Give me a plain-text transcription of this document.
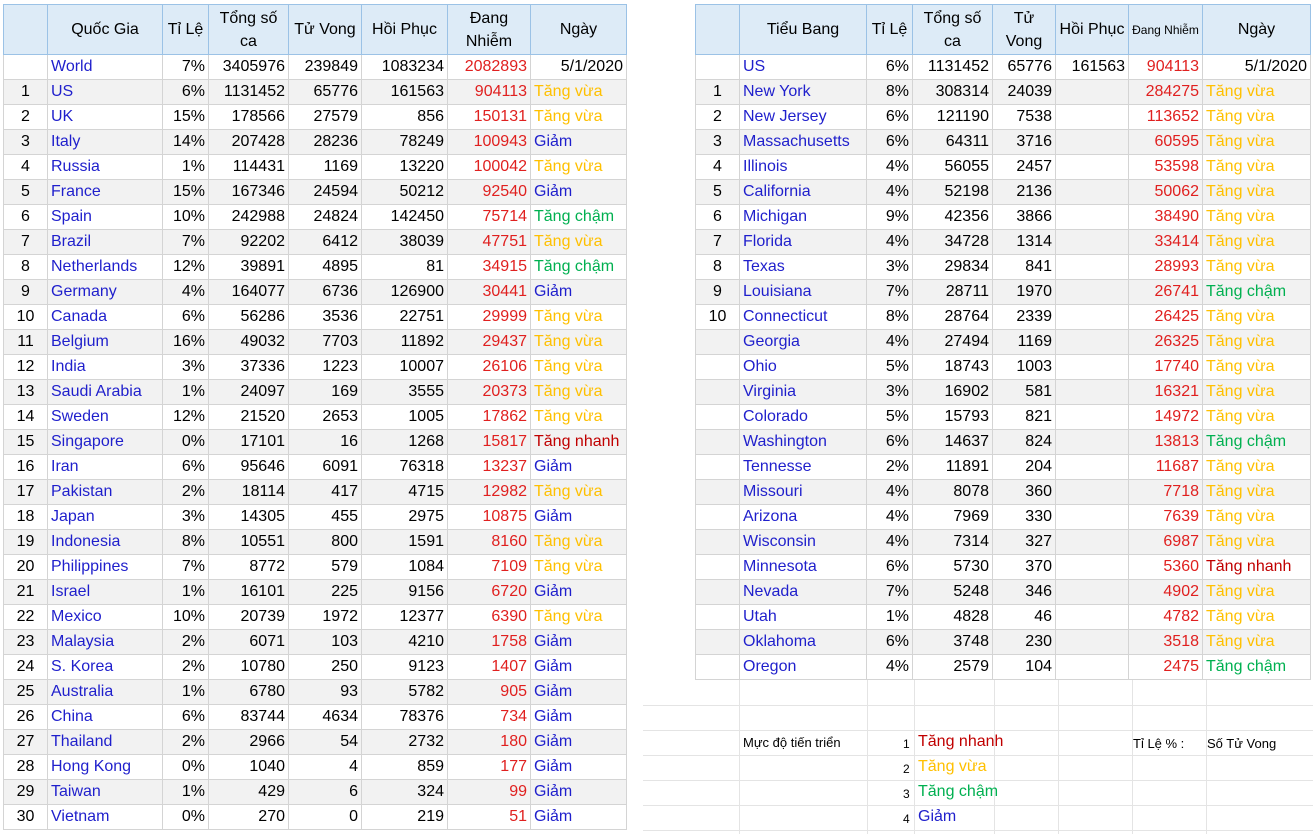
	Quốc Gia	Tỉ Lệ	Tổng số ca	Tử Vong	Hồi Phục	Đang Nhiễm	Ngày
	World	7%	3405976	239849	1083234	2082893	5/1/2020
1	US	6%	1131452	65776	161563	904113	Tăng vừa
2	UK	15%	178566	27579	856	150131	Tăng vừa
3	Italy	14%	207428	28236	78249	100943	Giảm
4	Russia	1%	114431	1169	13220	100042	Tăng vừa
5	France	15%	167346	24594	50212	92540	Giảm
6	Spain	10%	242988	24824	142450	75714	Tăng chậm
7	Brazil	7%	92202	6412	38039	47751	Tăng vừa
8	Netherlands	12%	39891	4895	81	34915	Tăng chậm
9	Germany	4%	164077	6736	126900	30441	Giảm
10	Canada	6%	56286	3536	22751	29999	Tăng vừa
11	Belgium	16%	49032	7703	11892	29437	Tăng vừa
12	India	3%	37336	1223	10007	26106	Tăng vừa
13	Saudi Arabia	1%	24097	169	3555	20373	Tăng vừa
14	Sweden	12%	21520	2653	1005	17862	Tăng vừa
15	Singapore	0%	17101	16	1268	15817	Tăng nhanh
16	Iran	6%	95646	6091	76318	13237	Giảm
17	Pakistan	2%	18114	417	4715	12982	Tăng vừa
18	Japan	3%	14305	455	2975	10875	Giảm
19	Indonesia	8%	10551	800	1591	8160	Tăng vừa
20	Philippines	7%	8772	579	1084	7109	Tăng vừa
21	Israel	1%	16101	225	9156	6720	Giảm
22	Mexico	10%	20739	1972	12377	6390	Tăng vừa
23	Malaysia	2%	6071	103	4210	1758	Giảm
24	S. Korea	2%	10780	250	9123	1407	Giảm
25	Australia	1%	6780	93	5782	905	Giảm
26	China	6%	83744	4634	78376	734	Giảm
27	Thailand	2%	2966	54	2732	180	Giảm
28	Hong Kong	0%	1040	4	859	177	Giảm
29	Taiwan	1%	429	6	324	99	Giảm
30	Vietnam	0%	270	0	219	51	Giảm
	Tiểu Bang	Tỉ Lệ	Tổng số ca	Tử Vong	Hồi Phục	Đang Nhiễm	Ngày
	US	6%	1131452	65776	161563	904113	5/1/2020
1	New York	8%	308314	24039		284275	Tăng vừa
2	New Jersey	6%	121190	7538		113652	Tăng vừa
3	Massachusetts	6%	64311	3716		60595	Tăng vừa
4	Illinois	4%	56055	2457		53598	Tăng vừa
5	California	4%	52198	2136		50062	Tăng vừa
6	Michigan	9%	42356	3866		38490	Tăng vừa
7	Florida	4%	34728	1314		33414	Tăng vừa
8	Texas	3%	29834	841		28993	Tăng vừa
9	Louisiana	7%	28711	1970		26741	Tăng chậm
10	Connecticut	8%	28764	2339		26425	Tăng vừa
	Georgia	4%	27494	1169		26325	Tăng vừa
	Ohio	5%	18743	1003		17740	Tăng vừa
	Virginia	3%	16902	581		16321	Tăng vừa
	Colorado	5%	15793	821		14972	Tăng vừa
	Washington	6%	14637	824		13813	Tăng chậm
	Tennesse	2%	11891	204		11687	Tăng vừa
	Missouri	4%	8078	360		7718	Tăng vừa
	Arizona	4%	7969	330		7639	Tăng vừa
	Wisconsin	4%	7314	327		6987	Tăng vừa
	Minnesota	6%	5730	370		5360	Tăng nhanh
	Nevada	7%	5248	346		4902	Tăng vừa
	Utah	1%	4828	46		4782	Tăng vừa
	Oklahoma	6%	3748	230		3518	Tăng vừa
	Oregon	4%	2579	104		2475	Tăng chậm
Mực độ tiến triển	1 Tăng nhanh
2 Tăng vừa
3 Tăng chậm
4 Giảm
Tỉ Lệ % : Số Tử Vong
